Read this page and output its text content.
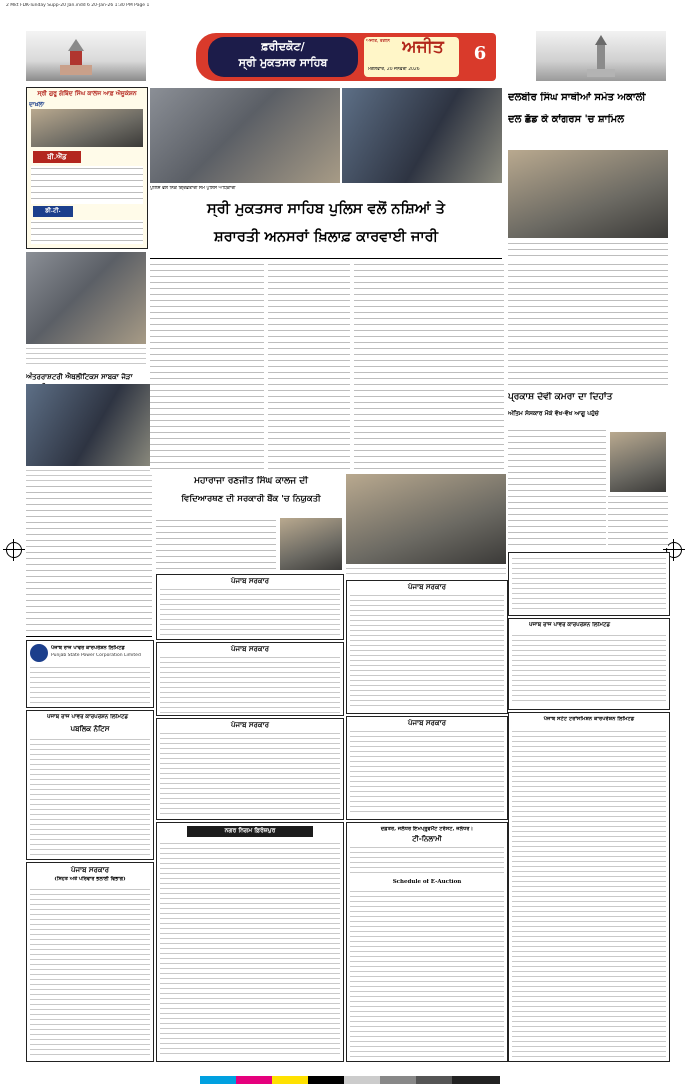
2 Mkt FDK-Tunday Supp-20 Jan.indd 6 20-Jan-26 1:30 PM Page 1
ਫ਼ਰੀਦਕੋਟ/
ਸ੍ਰੀ ਮੁਕਤਸਰ ਸਾਹਿਬ
ਅਜੀਤ, ਰੰਗੀਨ ਅਜੀਤ
ਮੰਗਲਵਾਰ, 20 ਜਨਵਰੀ 2026
6
ਸ੍ਰੀ ਗੁਰੂ ਗੋਬਿੰਦ ਸਿੰਘ ਕਾਲਜ ਆਫ਼ ਐਜੂਕੇਸ਼ਨ
ਦਾਖ਼ਲਾ
ਬੀ.ਐੱਡ
ਡੀ.ਟੀ.
ਪੁਲਿਸ ਵਲੋਂ ਨਿੱਕ ਗ੍ਰਿਫ਼ਤਾਰੀ ਸਮੇਂ ਪੁਲਿਸ ਅਧਿਕਾਰੀ
ਸ੍ਰੀ ਮੁਕਤਸਰ ਸਾਹਿਬ ਪੁਲਿਸ ਵਲੋਂ ਨਸ਼ਿਆਂ ਤੇ
ਸ਼ਰਾਰਤੀ ਅਨਸਰਾਂ ਖ਼ਿਲਾਫ਼ ਕਾਰਵਾਈ ਜਾਰੀ
ਦਲਬੀਰ ਸਿੰਘ ਸਾਥੀਆਂ ਸਮੇਤ ਅਕਾਲੀ
ਦਲ ਛੱਡ ਕੇ ਕਾਂਗਰਸ 'ਚ ਸ਼ਾਮਿਲ
ਅੰਤਰਰਾਸ਼ਟਰੀ ਐਥਲੀਟਿਕਸ ਸਾਬਕਾ ਜੋੜਾ
ਮਹਾਰਾਜਾ ਰਣਜੀਤ ਸਿੰਘ ਕਾਲਜ ਦੀ
ਵਿਦਿਆਰਥਣ ਦੀ ਸਰਕਾਰੀ ਬੈਂਕ 'ਚ ਨਿਯੁਕਤੀ
ਪ੍ਰਕਾਸ਼ ਦੇਵੀ ਕਮਰਾ ਦਾ ਦਿਹਾਂਤ
ਅੰਤਿਮ ਸੰਸਕਾਰ ਮੌਕੇ ਵੱਖ-ਵੱਖ ਆਗੂ ਪਹੁੰਚੇ
ਪੰਜਾਬ ਰਾਜ ਪਾਵਰ ਕਾਰਪੋਰੇਸ਼ਨ ਲਿਮਿਟਡ
Punjab State Power Corporation Limited
ਪੰਜਾਬ ਰਾਜ ਪਾਵਰ ਕਾਰਪੋਰੇਸ਼ਨ ਲਿਮਿਟਡ
ਪਬਲਿਕ ਨੋਟਿਸ
ਪੰਜਾਬ ਸਰਕਾਰ
(ਸਿਹਤ ਅਤੇ ਪਰਿਵਾਰ ਭਲਾਈ ਵਿਭਾਗ)
ਪੰਜਾਬ ਸਰਕਾਰ
ਪੰਜਾਬ ਸਰਕਾਰ
ਪੰਜਾਬ ਸਰਕਾਰ
ਨਗਰ ਨਿਗਮ ਫ਼ਿਰੋਜ਼ਪੁਰ
ਪੰਜਾਬ ਸਰਕਾਰ
ਪੰਜਾਬ ਸਰਕਾਰ
ਦਫ਼ਤਰ, ਜਲੰਧਰ ਇਮਪ੍ਰੂਵਮੈਂਟ ਟਰੱਸਟ, ਜਲੰਧਰ।
ਟੀ-ਨਿਲਾਮੀ
Schedule of E-Auction
ਪੰਜਾਬ ਰਾਜ ਪਾਵਰ ਕਾਰਪੋਰੇਸ਼ਨ ਲਿਮਿਟਡ
ਪੰਜਾਬ ਸਟੇਟ ਟਰਾਂਸਮਿਸ਼ਨ ਕਾਰਪੋਰੇਸ਼ਨ ਲਿਮਿਟਡ
